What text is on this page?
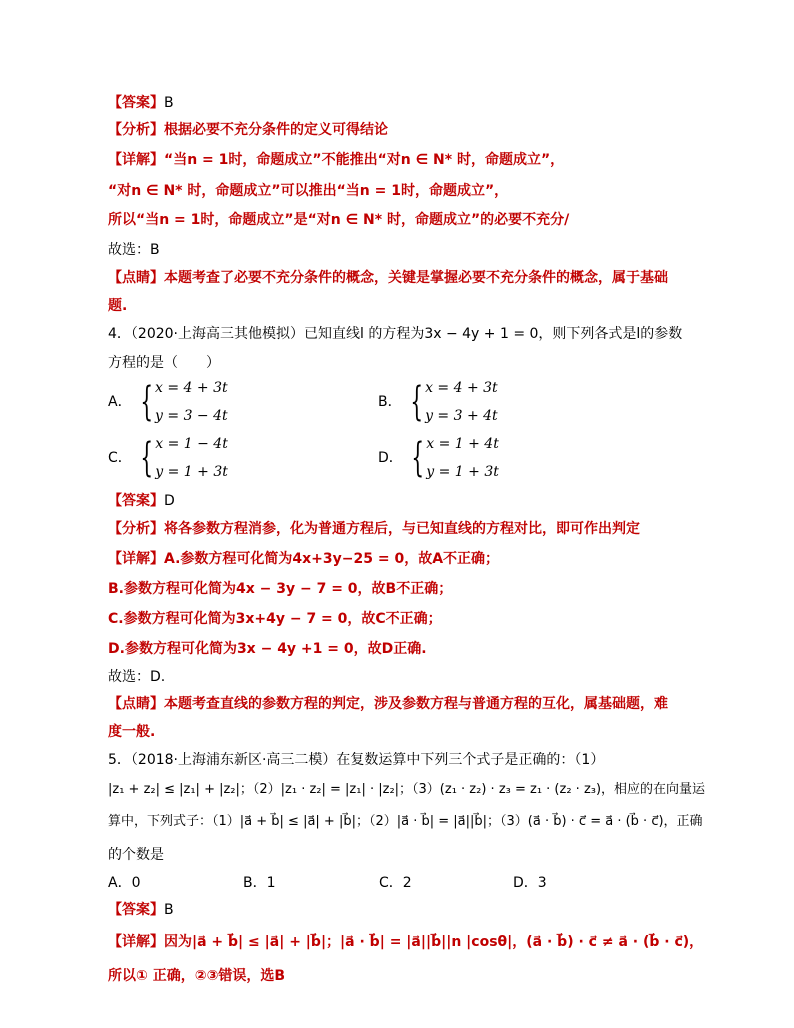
【答案】B
【分析】根据必要不充分条件的定义可得结论
【详解】“当n = 1时，命题成立”不能推出“对n ∈ N* 时，命题成立”，
“对n ∈ N* 时，命题成立”可以推出“当n = 1时，命题成立”，
所以“当n = 1时，命题成立”是“对n ∈ N* 时，命题成立”的必要不充分/
故选：B
【点睛】本题考查了必要不充分条件的概念，关键是掌握必要不充分条件的概念，属于基础
题.
4．（2020·上海高三其他模拟）已知直线l 的方程为3x − 4y + 1 = 0，则下列各式是l的参数
方程的是（　　）
A． { x = 4 + 3t
y = 3 − 4t
B． { x = 4 + 3t
y = 3 + 4t
C． { x = 1 − 4t
y = 1 + 3t
D． { x = 1 + 4t
y = 1 + 3t
【答案】D
【分析】将各参数方程消参，化为普通方程后，与已知直线的方程对比，即可作出判定
【详解】A.参数方程可化简为4x+3y−25 = 0，故A不正确；
B.参数方程可化简为4x − 3y − 7 = 0，故B不正确；
C.参数方程可化简为3x+4y − 7 = 0，故C不正确；
D.参数方程可化简为3x − 4y +1 = 0，故D正确.
故选：D.
【点睛】本题考查直线的参数方程的判定，涉及参数方程与普通方程的互化，属基础题，难
度一般.
5．（2018·上海浦东新区·高三二模）在复数运算中下列三个式子是正确的：（1）
|z₁ + z₂| ≤ |z₁| + |z₂|；（2）|z₁ · z₂| = |z₁| · |z₂|；（3）(z₁ · z₂) · z₃ = z₁ · (z₂ · z₃)，相应的在向量运
算中，下列式子：（1）|a⃗ + b⃗| ≤ |a⃗| + |b⃗|；（2）|a⃗ · b⃗| = |a⃗||b⃗|；（3）(a⃗ · b⃗) · c⃗ = a⃗ · (b⃗ · c⃗)，正确
的个数是
A．0	B．1	C．2	D．3
【答案】B
【详解】因为|a⃗ + b⃗| ≤ |a⃗| + |b⃗|；|a⃗ · b⃗| = |a⃗||b⃗||n |cosθ|，(a⃗ · b⃗) · c⃗ ≠ a⃗ · (b⃗ · c⃗)，
所以① 正确，②③错误，选B
